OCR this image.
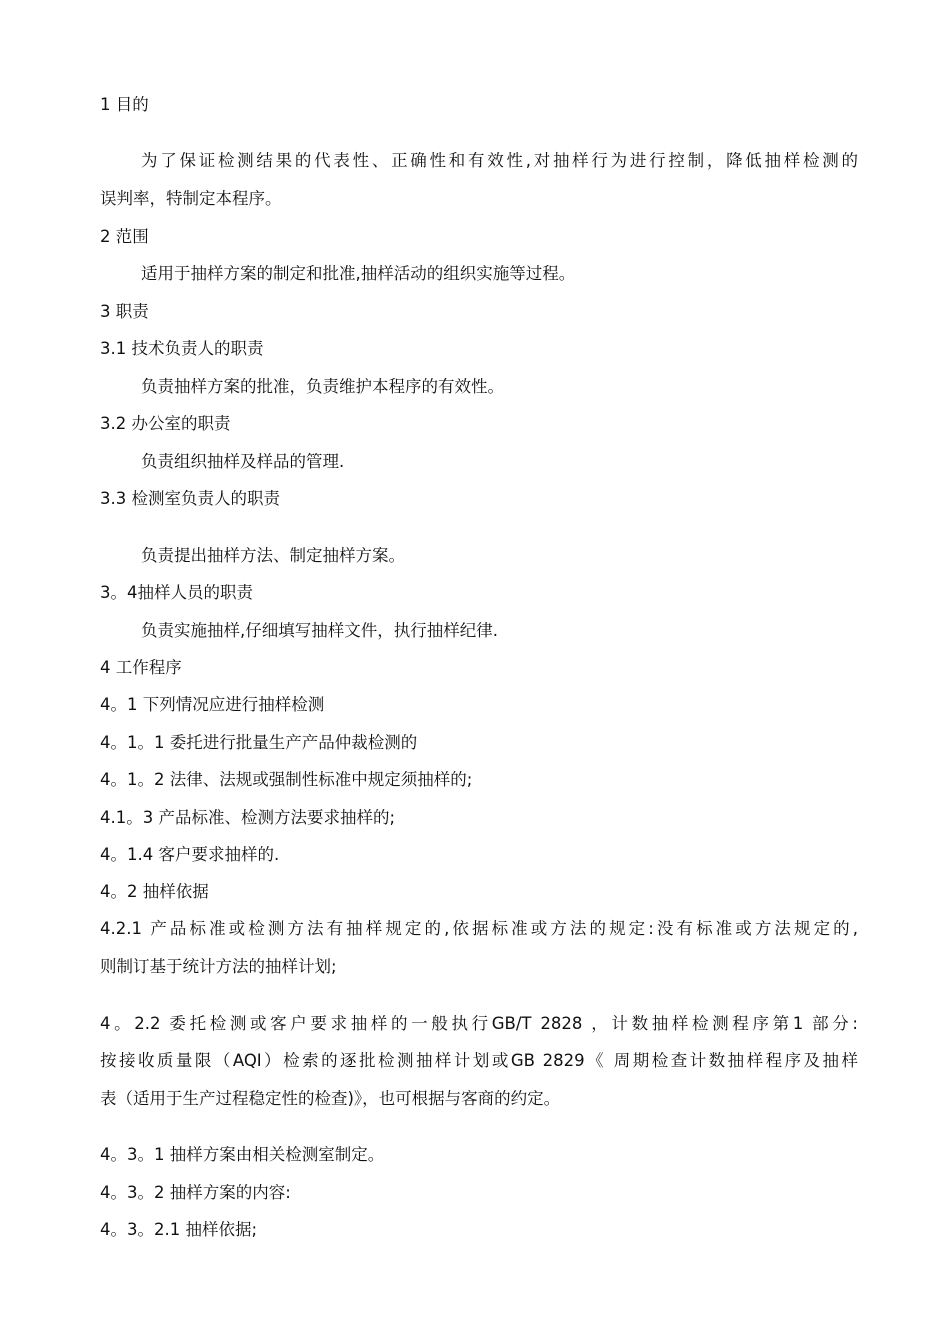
1 目的
为了保证检测结果的代表性、正确性和有效性,对抽样行为进行控制，降低抽样检测的
误判率，特制定本程序。
2 范围
适用于抽样方案的制定和批准,抽样活动的组织实施等过程。
3 职责
3.1 技术负责人的职责
负责抽样方案的批准，负责维护本程序的有效性。
3.2 办公室的职责
负责组织抽样及样品的管理.
3.3 检测室负责人的职责
负责提出抽样方法、制定抽样方案。
3。4抽样人员的职责
负责实施抽样,仔细填写抽样文件，执行抽样纪律.
4 工作程序
4。1 下列情况应进行抽样检测
4。1。1 委托进行批量生产产品仲裁检测的
4。1。2 法律、法规或强制性标准中规定须抽样的;
4.1。3 产品标准、检测方法要求抽样的;
4。1.4 客户要求抽样的.
4。2 抽样依据
4.2.1 产品标准或检测方法有抽样规定的,依据标准或方法的规定:没有标准或方法规定的,
则制订基于统计方法的抽样计划;
4。2.2 委托检测或客户要求抽样的一般执行GB/T 2828 ，计数抽样检测程序第1 部分:
按接收质量限（AQI）检索的逐批检测抽样计划或GB 2829《 周期检查计数抽样程序及抽样
表（适用于生产过程稳定性的检查)》，也可根据与客商的约定。
4。3。1 抽样方案由相关检测室制定。
4。3。2 抽样方案的内容:
4。3。2.1 抽样依据;
